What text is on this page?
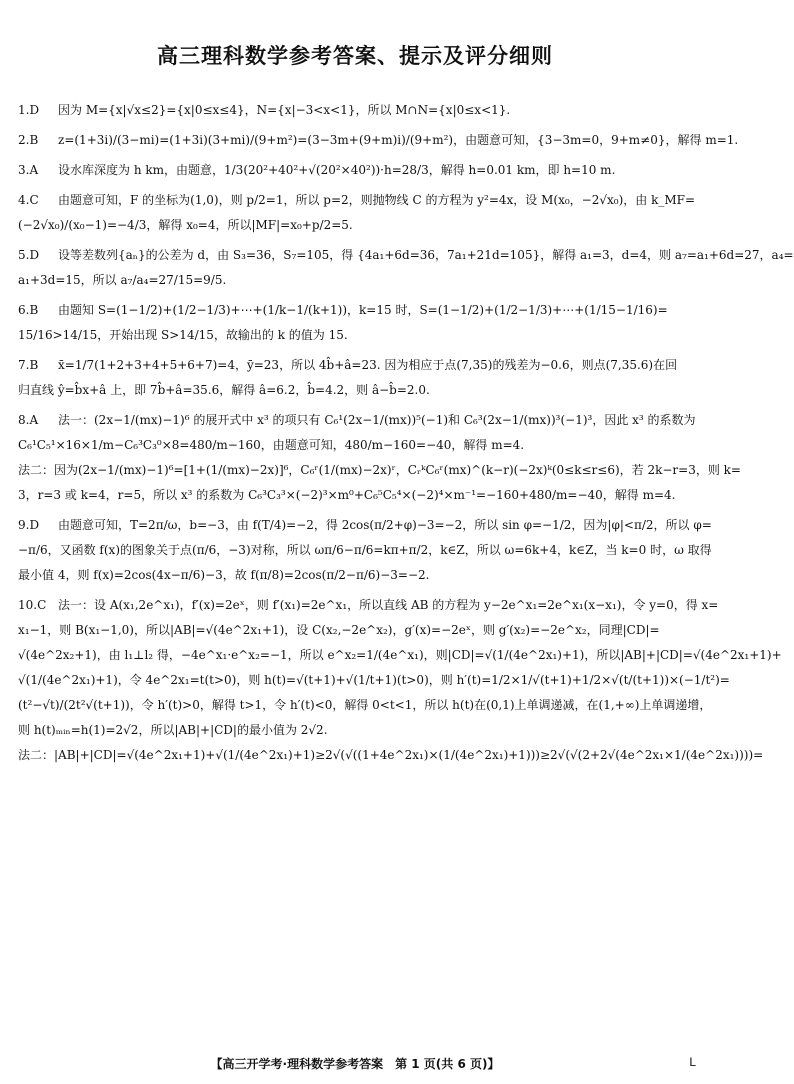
高三理科数学参考答案、提示及评分细则
1.D 因为 M={x|√x≤2}={x|0≤x≤4}，N={x|−3<x<1}，所以 M∩N={x|0≤x<1}.
2.B z=(1+3i)/(3−mi)=(1+3i)(3+mi)/(9+m²)=(3−3m+(9+m)i)/(9+m²)，由题意可知，{3−3m=0，9+m≠0}，解得 m=1.
3.A 设水库深度为 h km，由题意，1/3(20²+40²+√(20²×40²))·h=28/3，解得 h=0.01 km，即 h=10 m.
4.C 由题意可知，F 的坐标为(1,0)，则 p/2=1，所以 p=2，则抛物线 C 的方程为 y²=4x，设 M(x₀，−2√x₀)，由 k_MF=
(−2√x₀)/(x₀−1)=−4/3，解得 x₀=4，所以|MF|=x₀+p/2=5.
5.D 设等差数列{aₙ}的公差为 d，由 S₃=36，S₇=105，得 {4a₁+6d=36，7a₁+21d=105}，解得 a₁=3，d=4，则 a₇=a₁+6d=27，a₄=
a₁+3d=15，所以 a₇/a₄=27/15=9/5.
6.B 由题知 S=(1−1/2)+(1/2−1/3)+⋯+(1/k−1/(k+1))，k=15 时，S=(1−1/2)+(1/2−1/3)+⋯+(1/15−1/16)=
15/16>14/15，开始出现 S>14/15，故输出的 k 的值为 15.
7.B x̄=1/7(1+2+3+4+5+6+7)=4，ȳ=23，所以 4b̂+â=23. 因为相应于点(7,35)的残差为−0.6，则点(7,35.6)在回
归直线 ŷ=b̂x+â 上，即 7b̂+â=35.6，解得 â=6.2，b̂=4.2，则 â−b̂=2.0.
8.A 法一：(2x−1/(mx)−1)⁶ 的展开式中 x³ 的项只有 C₆¹(2x−1/(mx))⁵(−1)和 C₆³(2x−1/(mx))³(−1)³，因此 x³ 的系数为
C₆¹C₅¹×16×1/m−C₆³C₃⁰×8=480/m−160，由题意可知，480/m−160=−40，解得 m=4.
法二：因为(2x−1/(mx)−1)⁶=[1+(1/(mx)−2x)]⁶，C₆ʳ(1/(mx)−2x)ʳ，CᵣᵏC₆ʳ(mx)^(k−r)(−2x)ᵏ(0≤k≤r≤6)，若 2k−r=3，则 k=
3，r=3 或 k=4，r=5，所以 x³ 的系数为 C₆³C₃³×(−2)³×m⁰+C₆⁵C₅⁴×(−2)⁴×m⁻¹=−160+480/m=−40，解得 m=4.
9.D 由题意可知，T=2π/ω，b=−3，由 f(T/4)=−2，得 2cos(π/2+φ)−3=−2，所以 sin φ=−1/2，因为|φ|<π/2，所以 φ=
−π/6，又函数 f(x)的图象关于点(π/6，−3)对称，所以 ωπ/6−π/6=kπ+π/2，k∈Z，所以 ω=6k+4，k∈Z，当 k=0 时，ω 取得
最小值 4，则 f(x)=2cos(4x−π/6)−3，故 f(π/8)=2cos(π/2−π/6)−3=−2.
10.C 法一：设 A(x₁,2e^x₁)，f′(x)=2eˣ，则 f′(x₁)=2e^x₁，所以直线 AB 的方程为 y−2e^x₁=2e^x₁(x−x₁)，令 y=0，得 x=
x₁−1，则 B(x₁−1,0)，所以|AB|=√(4e^2x₁+1)，设 C(x₂,−2e^x₂)，g′(x)=−2eˣ，则 g′(x₂)=−2e^x₂，同理|CD|=
√(4e^2x₂+1)，由 l₁⊥l₂ 得，−4e^x₁·e^x₂=−1，所以 e^x₂=1/(4e^x₁)，则|CD|=√(1/(4e^2x₁)+1)，所以|AB|+|CD|=√(4e^2x₁+1)+
√(1/(4e^2x₁)+1)，令 4e^2x₁=t(t>0)，则 h(t)=√(t+1)+√(1/t+1)(t>0)，则 h′(t)=1/2×1/√(t+1)+1/2×√(t/(t+1))×(−1/t²)=
(t²−√t)/(2t²√(t+1))，令 h′(t)>0，解得 t>1，令 h′(t)<0，解得 0<t<1，所以 h(t)在(0,1)上单调递减，在(1,+∞)上单调递增，
则 h(t)ₘᵢₙ=h(1)=2√2，所以|AB|+|CD|的最小值为 2√2.
法二：|AB|+|CD|=√(4e^2x₁+1)+√(1/(4e^2x₁)+1)≥2√(√((1+4e^2x₁)×(1/(4e^2x₁)+1)))≥2√(√(2+2√(4e^2x₁×1/(4e^2x₁))))=
【高三开学考·理科数学参考答案　第 1 页(共 6 页)】	L
